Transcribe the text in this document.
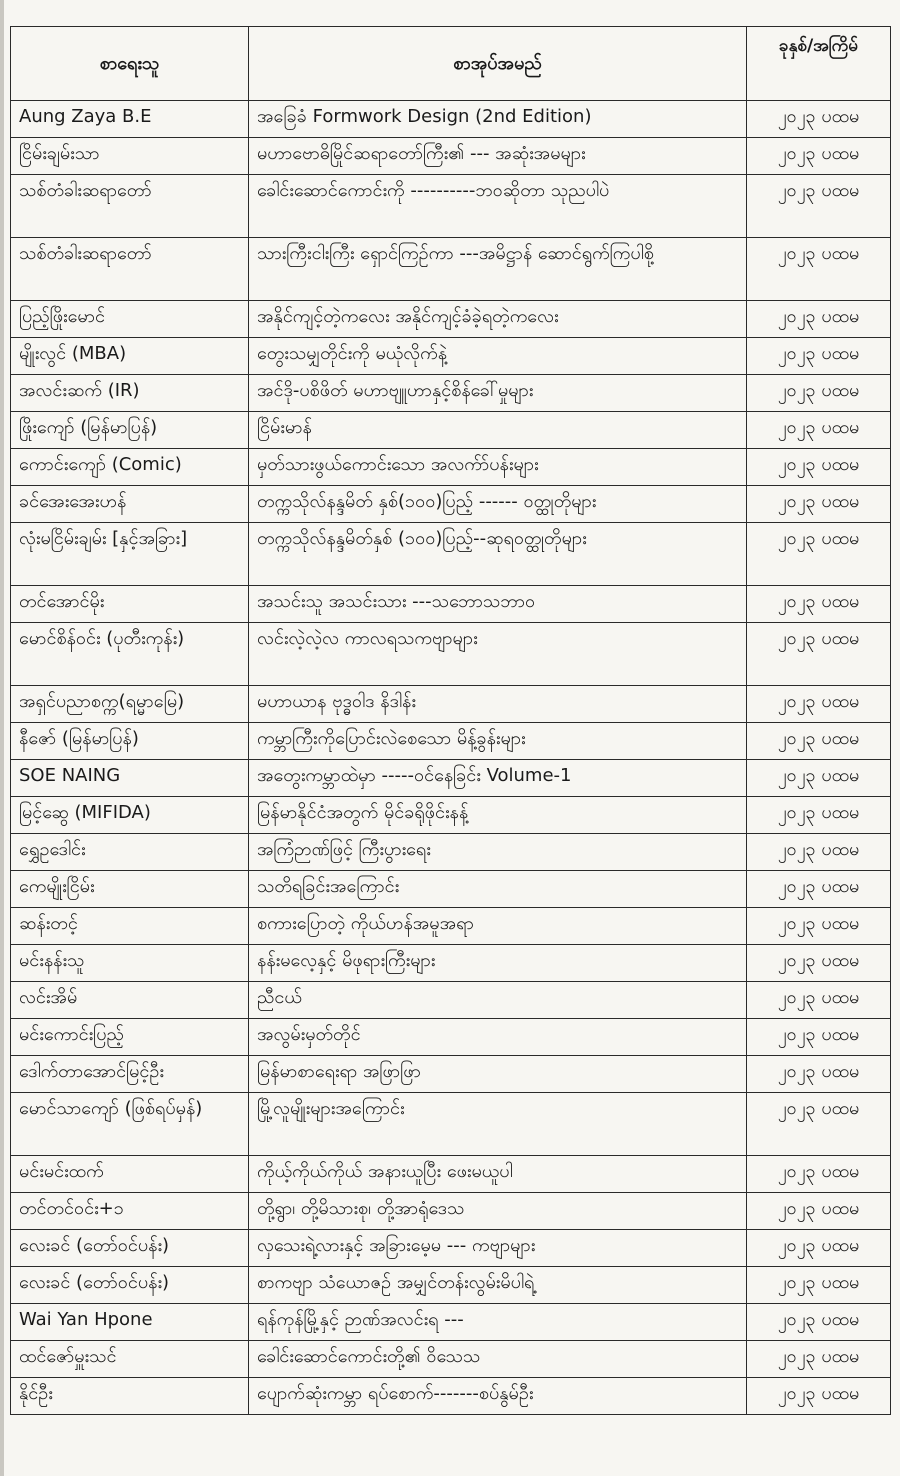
စာရေးသူ	စာအုပ်အမည်	ခုနှစ်/အကြိမ်
Aung Zaya B.E	အခြေခံ Formwork Design (2nd Edition)	၂၀၂၃ ပထမ
ငြိမ်းချမ်းသာ	မဟာဗောဓိမြိုင်ဆရာတော်ကြီး၏ --- အဆုံးအမများ	၂၀၂၃ ပထမ
သစ်တံခါးဆရာတော်	ခေါင်းဆောင်ကောင်းကို ----------ဘဝဆိုတာ သုညပါပဲ	၂၀၂၃ ပထမ
သစ်တံခါးဆရာတော်	သားကြီးငါးကြီး ရှောင်ကြဉ်ကာ ---အမိဋ္ဌာန် ဆောင်ရွက်ကြပါစို့	၂၀၂၃ ပထမ
ပြည့်ဖြိုးမောင်	အနိုင်ကျင့်တဲ့ကလေး အနိုင်ကျင့်ခံခဲ့ရတဲ့ကလေး	၂၀၂၃ ပထမ
မျိုးလွင် (MBA)	တွေးသမျှတိုင်းကို မယုံလိုက်နဲ့	၂၀၂၃ ပထမ
အလင်းဆက် (IR)	အင်ဒို-ပစိဖိတ် မဟာဗျူဟာနှင့်စိန်ခေါ်မှုများ	၂၀၂၃ ပထမ
ဖြိုးကျော် (မြန်မာပြန်)	ငြိမ်းမာန်	၂၀၂၃ ပထမ
ကောင်းကျော် (Comic)	မှတ်သားဖွယ်ကောင်းသော အလက်ာ်ပန်းများ	၂၀၂၃ ပထမ
ခင်အေးအေးဟန်	တက္ကသိုလ်နန္ဒမိတ် နှစ်(၁၀၀)ပြည့် ------ ဝတ္ထုတိုများ	၂၀၂၃ ပထမ
လုံးမငြိမ်းချမ်း [နှင့်အခြား]	တက္ကသိုလ်နန္ဒမိတ်နှစ် (၁၀၀)ပြည့်--ဆုရဝတ္ထုတိုများ	၂၀၂၃ ပထမ
တင်အောင်မိုး	အသင်းသူ အသင်းသား ---သဘောသဘာဝ	၂၀၂၃ ပထမ
မောင်စိန်ဝင်း (ပုတီးကုန်း)	လင်းလဲ့လဲ့လ ကာလရသကဗျာများ	၂၀၂၃ ပထမ
အရှင်ပညာစက္က(ရမ္မာမြေ)	မဟာယာန ဗုဒ္ဓဝါဒ နိဒါန်း	၂၀၂၃ ပထမ
နီဇော် (မြန်မာပြန်)	ကမ္ဘာကြီးကိုပြောင်းလဲစေသော မိန့်ခွန်းများ	၂၀၂၃ ပထမ
SOE NAING	အတွေးကမ္ဘာထဲမှာ -----ဝင်နေခြင်း Volume-1	၂၀၂၃ ပထမ
မြင့်ဆွေ (MIFIDA)	မြန်မာနိုင်ငံအတွက် မိုင်ခရိုဖိုင်းနန့်	၂၀၂၃ ပထမ
ရွှေဥဒေါင်း	အကြံဉာဏ်ဖြင့် ကြီးပွားရေး	၂၀၂၃ ပထမ
ကေမျိုးငြိမ်း	သတိရခြင်းအကြောင်း	၂၀၂၃ ပထမ
ဆန်းတင့်	စကားပြောတဲ့ ကိုယ်ဟန်အမူအရာ	၂၀၂၃ ပထမ
မင်းနန်းသူ	နန်းမလေ့နှင့် မိဖုရားကြီးများ	၂၀၂၃ ပထမ
လင်းအိမ်	ညီငယ်	၂၀၂၃ ပထမ
မင်းကောင်းပြည့်	အလွမ်းမှတ်တိုင်	၂၀၂၃ ပထမ
ဒေါက်တာအောင်မြင့်ဦး	မြန်မာစာရေးရာ အဖြာဖြာ	၂၀၂၃ ပထမ
မောင်သာကျော် (ဖြစ်ရပ်မှန်)	မြို့လူမျိုးများအကြောင်း	၂၀၂၃ ပထမ
မင်းမင်းထက်	ကိုယ့်ကိုယ်ကိုယ် အနားယူပြီး ဖေးမယူပါ	၂၀၂၃ ပထမ
တင်တင်ဝင်း+၁	တို့ရွာ၊ တို့မိသားစု၊ တို့အာရုံဒေသ	၂၀၂၃ ပထမ
လေးခင် (တော်ဝင်ပန်း)	လှသေးရဲ့လားနှင့် အခြားမေ့မ --- ကဗျာများ	၂၀၂၃ ပထမ
လေးခင် (တော်ဝင်ပန်း)	စာကဗျာ သံယောဇဉ် အမျှင်တန်းလွမ်းမိပါရဲ့	၂၀၂၃ ပထမ
Wai Yan Hpone	ရန်ကုန်မြို့နှင့် ဉာဏ်အလင်းရ ---	၂၀၂၃ ပထမ
ထင်ဇော်မှူးသင်	ခေါင်းဆောင်ကောင်းတို့၏ ဝိသေသ	၂၀၂၃ ပထမ
နိုင်ဦး	ပျောက်ဆုံးကမ္ဘာ ရပ်စောက်-------စပ်နွမ်ဦး	၂၀၂၃ ပထမ
